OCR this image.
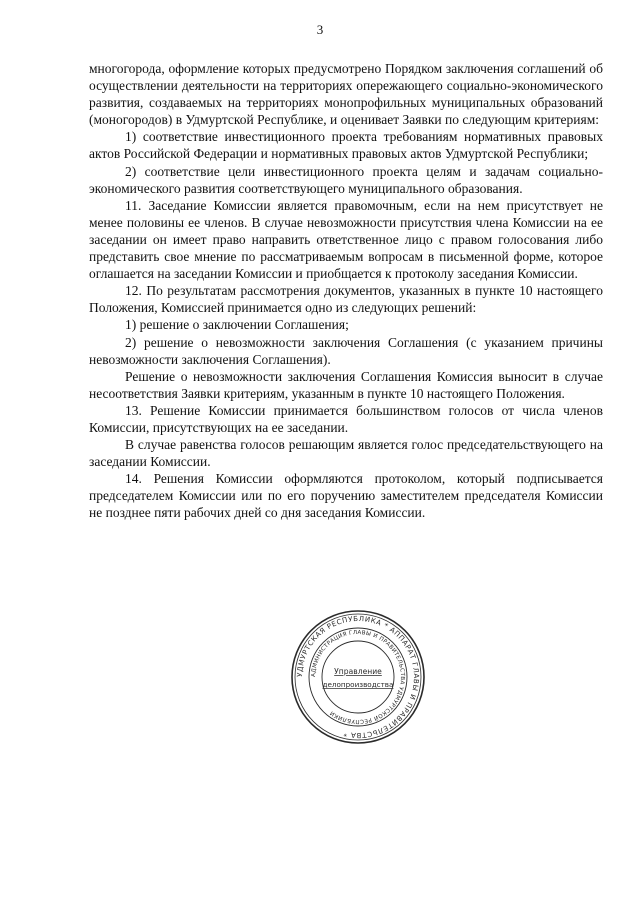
3

многогорода, оформление которых предусмотрено Порядком заключения соглашений об осуществлении деятельности на территориях опережающего социально-экономического развития, создаваемых на территориях монопрофильных муниципальных образований (моногородов) в Удмуртской Республике, и оценивает Заявки по следующим критериям:

1) соответствие инвестиционного проекта требованиям нормативных правовых актов Российской Федерации и нормативных правовых актов Удмуртской Республики;

2) соответствие цели инвестиционного проекта целям и задачам социально-экономического развития соответствующего муниципального образования.

11. Заседание Комиссии является правомочным, если на нем присутствует не менее половины ее членов. В случае невозможности присутствия члена Комиссии на ее заседании он имеет право направить ответственное лицо с правом голосования либо представить свое мнение по рассматриваемым вопросам в письменной форме, которое оглашается на заседании Комиссии и приобщается к протоколу заседания Комиссии.

12. По результатам рассмотрения документов, указанных в пункте 10 настоящего Положения, Комиссией принимается одно из следующих решений:

1) решение о заключении Соглашения;

2) решение о невозможности заключения Соглашения (с указанием причины невозможности заключения Соглашения).

Решение о невозможности заключения Соглашения Комиссия выносит в случае несоответствия Заявки критериям, указанным в пункте 10 настоящего Положения.

13. Решение Комиссии принимается большинством голосов от числа членов Комиссии, присутствующих на ее заседании.

В случае равенства голосов решающим является голос председательствующего на заседании Комиссии.

14. Решения Комиссии оформляются протоколом, который подписывается председателем Комиссии или по его поручению заместителем председателя Комиссии не позднее пяти рабочих дней со дня заседания Комиссии.

УДМУРТСКАЯ РЕСПУБЛИКА * АППАРАТ ГЛАВЫ И ПРАВИТЕЛЬСТВА *
АДМИНИСТРАЦИЯ ГЛАВЫ И ПРАВИТЕЛЬСТВА УДМУРТСКОЙ РЕСПУБЛИКИ
Управление
делопроизводства
